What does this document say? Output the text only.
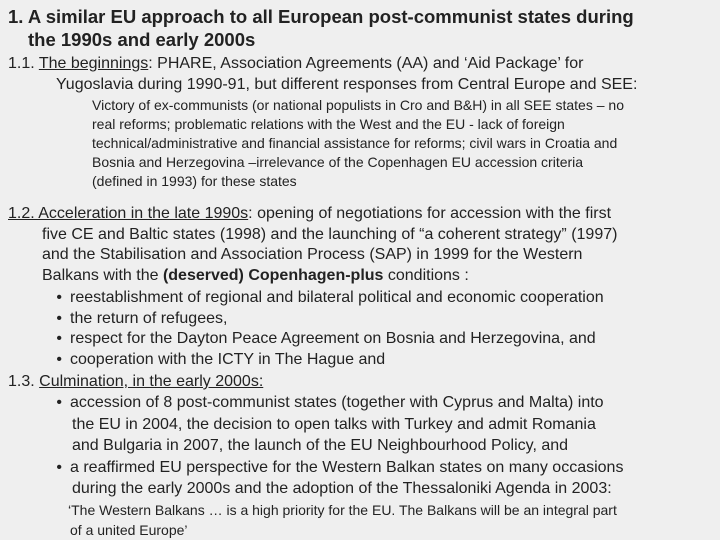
1. A similar EU approach to all European post-communist states during
the 1990s and early 2000s
1.1. The beginnings: PHARE, Association Agreements (AA) and ‘Aid Package’ for
Yugoslavia during 1990-91, but different responses from Central Europe and SEE:
Victory of ex-communists (or national populists in Cro and B&H) in all SEE states – no
real reforms; problematic relations with the West and the EU - lack of foreign
technical/administrative and financial assistance for reforms; civil wars in Croatia and
Bosnia and Herzegovina –irrelevance of the Copenhagen EU accession criteria
(defined in 1993) for these states
1.2. Acceleration in the late 1990s: opening of negotiations for accession with the first
five CE and Baltic states (1998) and the launching of “a coherent strategy” (1997)
and the Stabilisation and Association Process (SAP) in 1999 for the Western
Balkans with the (deserved) Copenhagen-plus conditions :
• reestablishment of regional and bilateral political and economic cooperation
• the return of refugees,
• respect for the Dayton Peace Agreement on Bosnia and Herzegovina, and
• cooperation with the ICTY in The Hague and
1.3. Culmination, in the early 2000s:
• accession of 8 post-communist states (together with Cyprus and Malta) into
the EU in 2004, the decision to open talks with Turkey and admit Romania
and Bulgaria in 2007, the launch of the EU Neighbourhood Policy, and
• a reaffirmed EU perspective for the Western Balkan states on many occasions
during the early 2000s and the adoption of the Thessaloniki Agenda in 2003:
‘The Western Balkans … is a high priority for the EU. The Balkans will be an integral part
of a united Europe’
